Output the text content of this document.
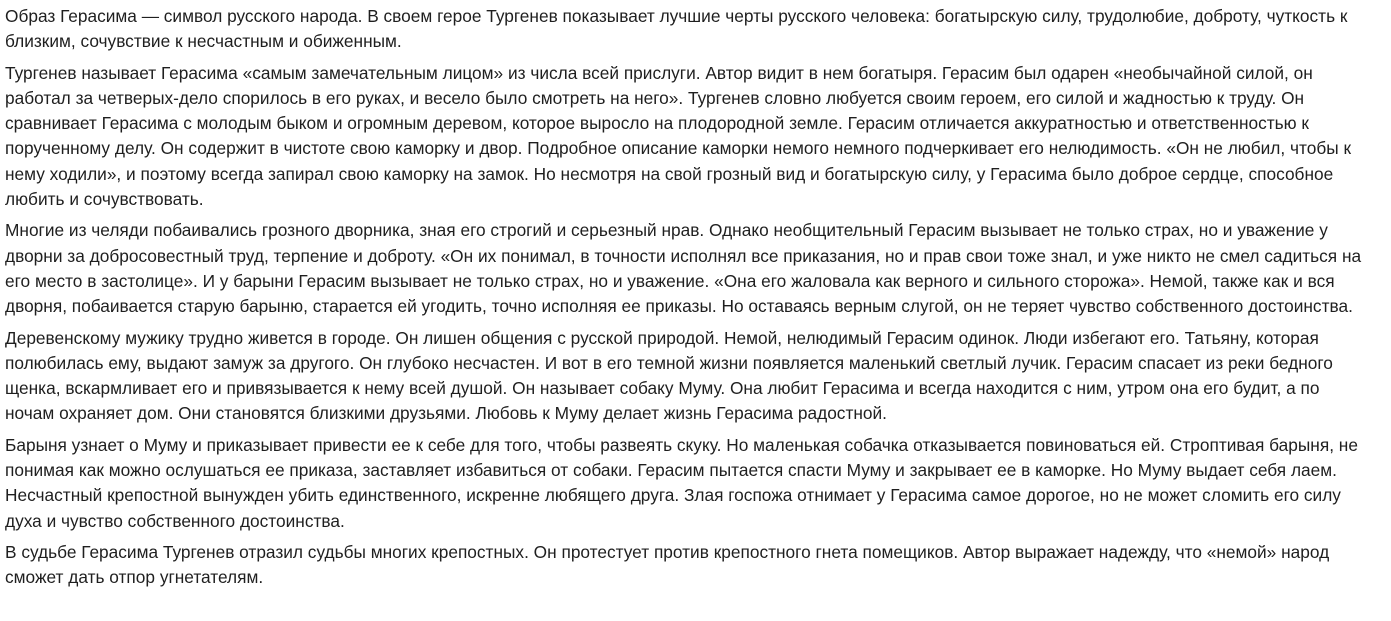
Образ Герасима — символ русского народа. В своем герое Тургенев показывает лучшие черты русского человека: богатырскую силу, трудолюбие, доброту, чуткость к близким, сочувствие к несчастным и обиженным.

Тургенев называет Герасима «самым замечательным лицом» из числа всей прислуги. Автор видит в нем богатыря. Герасим был одарен «необычайной силой, он работал за четверых-дело спорилось в его руках, и весело было смотреть на него». Тургенев словно любуется своим героем, его силой и жадностью к труду. Он сравнивает Герасима с молодым быком и огромным деревом, которое выросло на плодородной земле. Герасим отличается аккуратностью и ответственностью к порученному делу. Он содержит в чистоте свою каморку и двор. Подробное описание каморки немого немного подчеркивает его нелюдимость. «Он не любил, чтобы к нему ходили», и поэтому всегда запирал свою каморку на замок. Но несмотря на свой грозный вид и богатырскую силу, у Герасима было доброе сердце, способное любить и сочувствовать.

Многие из челяди побаивались грозного дворника, зная его строгий и серьезный нрав. Однако необщительный Герасим вызывает не только страх, но и уважение у дворни за добросовестный труд, терпение и доброту. «Он их понимал, в точности исполнял все приказания, но и прав свои тоже знал, и уже никто не смел садиться на его место в застолице». И у барыни Герасим вызывает не только страх, но и уважение. «Она его жаловала как верного и сильного сторожа». Немой, также как и вся дворня, побаивается старую барыню, старается ей угодить, точно исполняя ее приказы. Но оставаясь верным слугой, он не теряет чувство собственного достоинства.

Деревенскому мужику трудно живется в городе. Он лишен общения с русской природой. Немой, нелюдимый Герасим одинок. Люди избегают его. Татьяну, которая полюбилась ему, выдают замуж за другого. Он глубоко несчастен. И вот в его темной жизни появляется маленький светлый лучик. Герасим спасает из реки бедного щенка, вскармливает его и привязывается к нему всей душой. Он называет собаку Муму. Она любит Герасима и всегда находится с ним, утром она его будит, а по ночам охраняет дом. Они становятся близкими друзьями. Любовь к Муму делает жизнь Герасима радостной.

Барыня узнает о Муму и приказывает привести ее к себе для того, чтобы развеять скуку. Но маленькая собачка отказывается повиноваться ей. Строптивая барыня, не понимая как можно ослушаться ее приказа, заставляет избавиться от собаки. Герасим пытается спасти Муму и закрывает ее в каморке. Но Муму выдает себя лаем. Несчастный крепостной вынужден убить единственного, искренне любящего друга. Злая госпожа отнимает у Герасима самое дорогое, но не может сломить его силу духа и чувство собственного достоинства.

В судьбе Герасима Тургенев отразил судьбы многих крепостных. Он протестует против крепостного гнета помещиков. Автор выражает надежду, что «немой» народ сможет дать отпор угнетателям.
